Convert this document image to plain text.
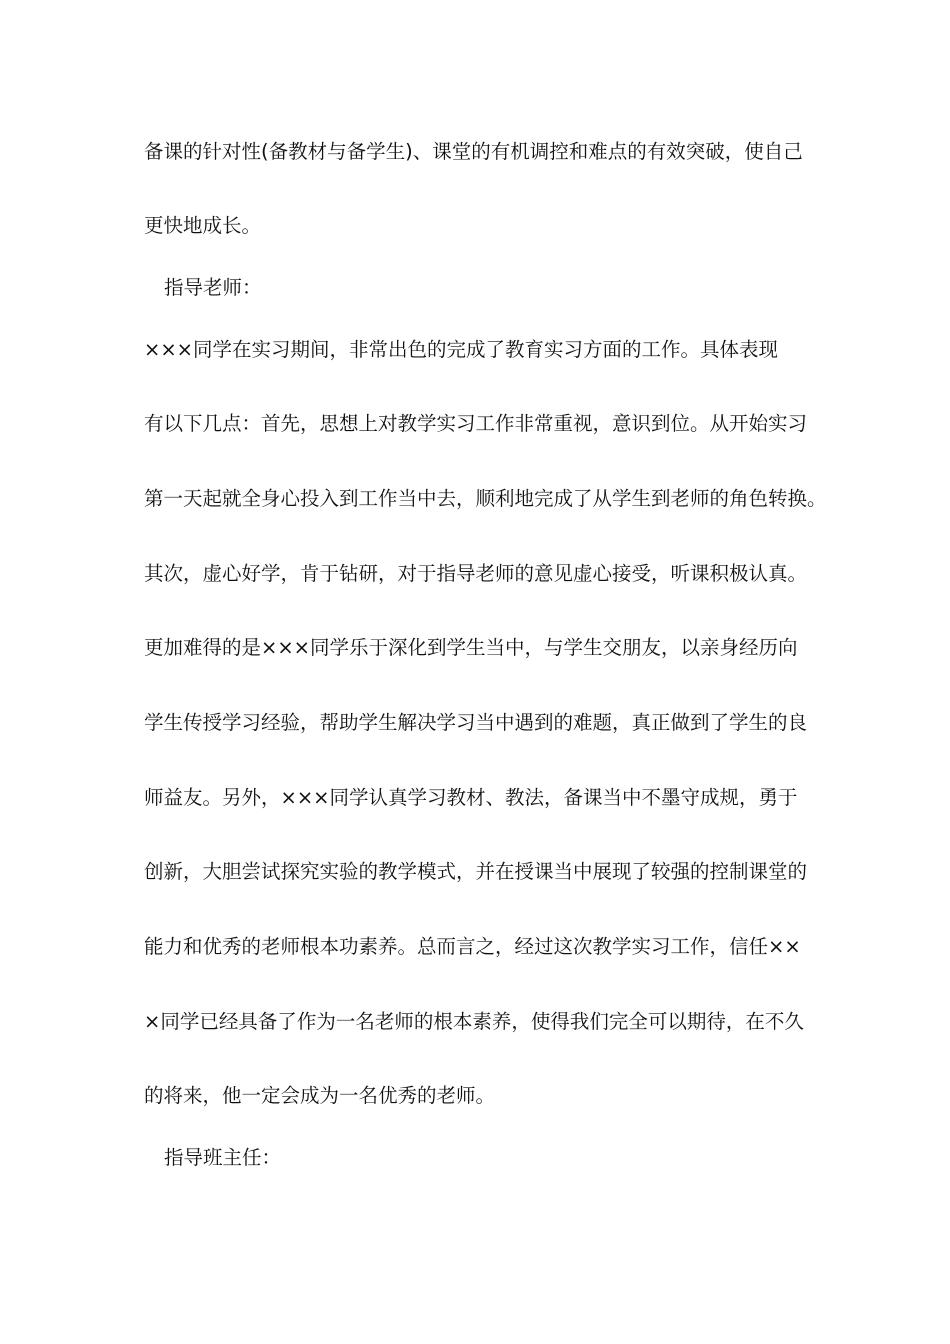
备课的针对性(备教材与备学生)、课堂的有机调控和难点的有效突破，使自己
更快地成长。
指导老师：
×××同学在实习期间，非常出色的完成了教育实习方面的工作。具体表现
有以下几点：首先，思想上对教学实习工作非常重视，意识到位。从开始实习
第一天起就全身心投入到工作当中去，顺利地完成了从学生到老师的角色转换。
其次，虚心好学，肯于钻研，对于指导老师的意见虚心接受，听课积极认真。
更加难得的是×××同学乐于深化到学生当中，与学生交朋友，以亲身经历向
学生传授学习经验，帮助学生解决学习当中遇到的难题，真正做到了学生的良
师益友。另外，×××同学认真学习教材、教法，备课当中不墨守成规，勇于
创新，大胆尝试探究实验的教学模式，并在授课当中展现了较强的控制课堂的
能力和优秀的老师根本功素养。总而言之，经过这次教学实习工作，信任××
×同学已经具备了作为一名老师的根本素养，使得我们完全可以期待，在不久
的将来，他一定会成为一名优秀的老师。
指导班主任：
